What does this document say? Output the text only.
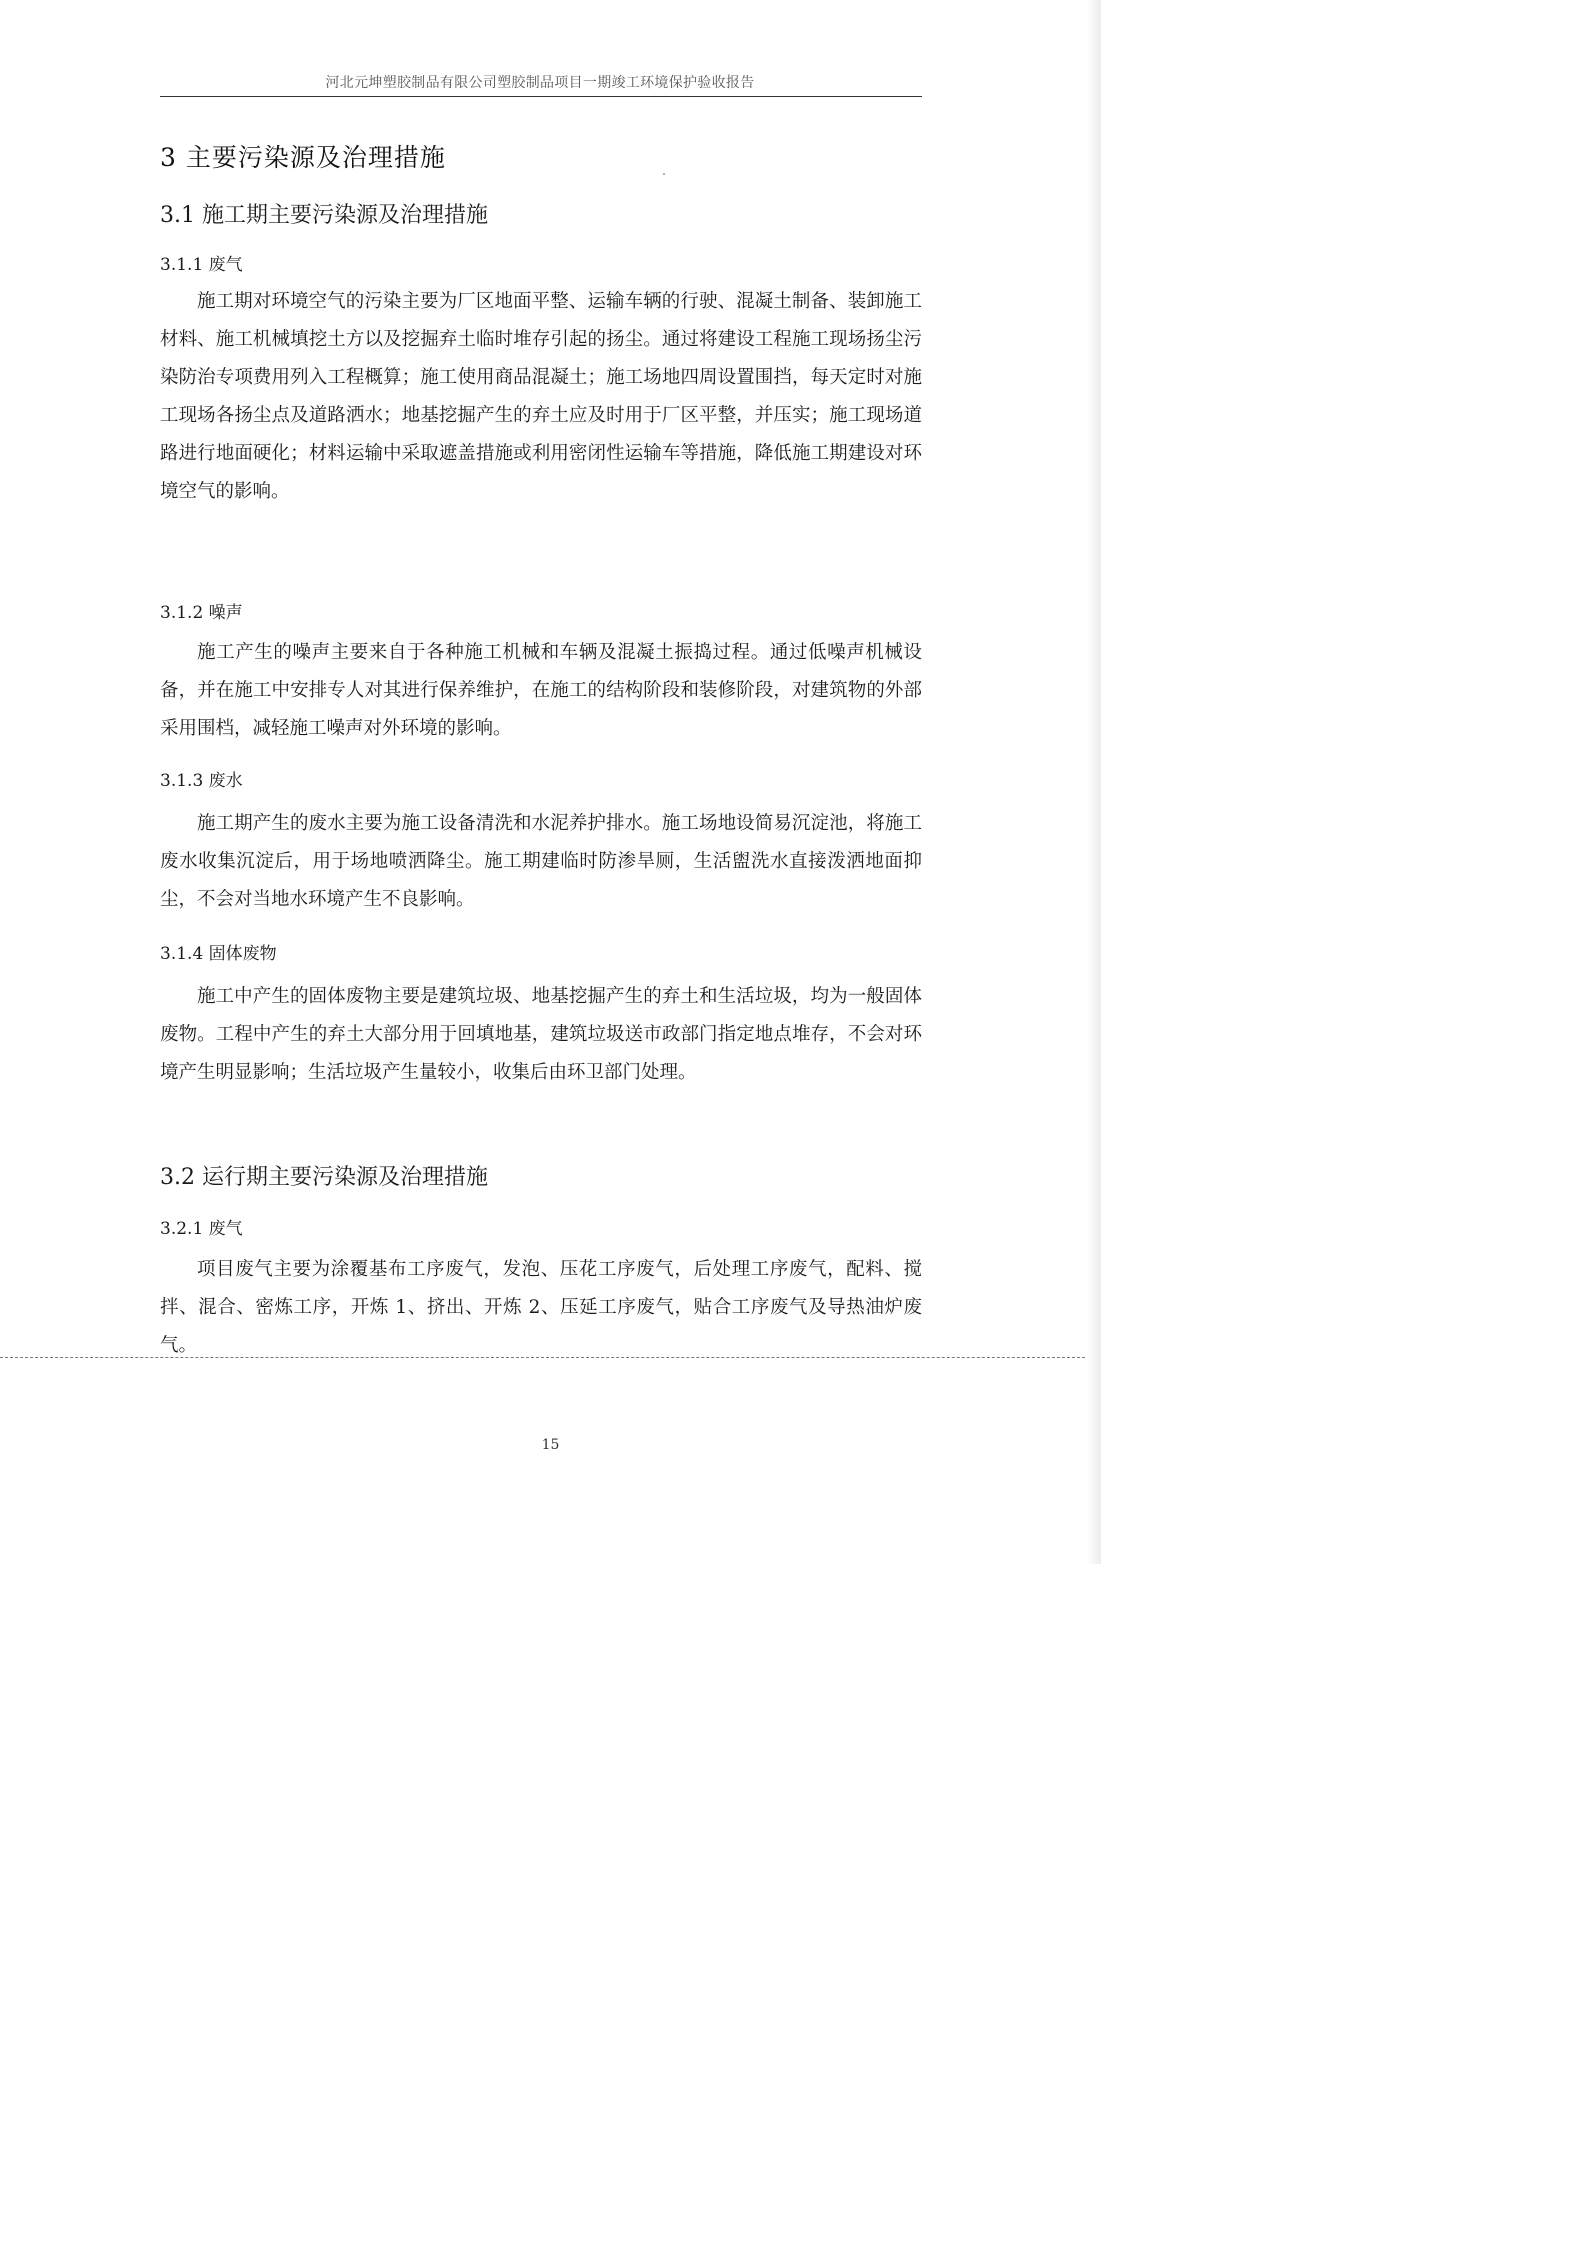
河北元坤塑胶制品有限公司塑胶制品项目一期竣工环境保护验收报告
3 主要污染源及治理措施
3.1 施工期主要污染源及治理措施
3.1.1 废气
施工期对环境空气的污染主要为厂区地面平整、运输车辆的行驶、混凝土制备、装卸施工材料、施工机械填挖土方以及挖掘弃土临时堆存引起的扬尘。通过将建设工程施工现场扬尘污染防治专项费用列入工程概算；施工使用商品混凝土；施工场地四周设置围挡，每天定时对施工现场各扬尘点及道路洒水；地基挖掘产生的弃土应及时用于厂区平整，并压实；施工现场道路进行地面硬化；材料运输中采取遮盖措施或利用密闭性运输车等措施，降低施工期建设对环境空气的影响。
3.1.2 噪声
施工产生的噪声主要来自于各种施工机械和车辆及混凝土振捣过程。通过低噪声机械设备，并在施工中安排专人对其进行保养维护，在施工的结构阶段和装修阶段，对建筑物的外部采用围档，减轻施工噪声对外环境的影响。
3.1.3 废水
施工期产生的废水主要为施工设备清洗和水泥养护排水。施工场地设简易沉淀池，将施工废水收集沉淀后，用于场地喷洒降尘。施工期建临时防渗旱厕，生活盥洗水直接泼洒地面抑尘，不会对当地水环境产生不良影响。
3.1.4 固体废物
施工中产生的固体废物主要是建筑垃圾、地基挖掘产生的弃土和生活垃圾，均为一般固体废物。工程中产生的弃土大部分用于回填地基，建筑垃圾送市政部门指定地点堆存，不会对环境产生明显影响；生活垃圾产生量较小，收集后由环卫部门处理。
3.2 运行期主要污染源及治理措施
3.2.1 废气
项目废气主要为涂覆基布工序废气，发泡、压花工序废气，后处理工序废气，配料、搅拌、混合、密炼工序，开炼 1、挤出、开炼 2、压延工序废气，贴合工序废气及导热油炉废气。
15
